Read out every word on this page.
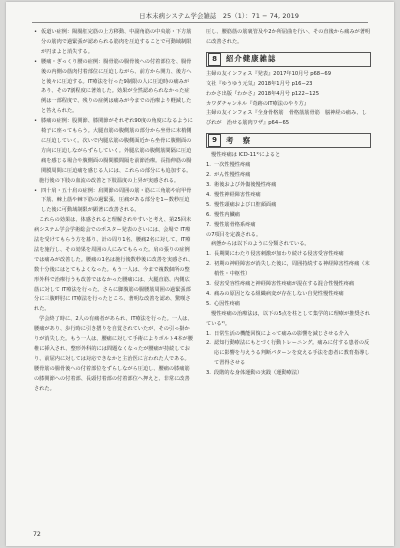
日本未病システム学会雑誌　25（1）：71 − 74, 2019
• 仮道い症例：陽腸肛完筋の上方移動、中副角筋の中央筋・下方筋分の筋肉で過緊張が認められる筋肉を圧迫することで可動域制限が円まよと消失する。
• 腰痛・ぎっくり腰の症例：腸骨筋の腸骨後への付着部位を、腸骨後の内側の筋肉付着部位に圧迫しながら、前方から開力、後方へと後々に圧迫する。IT療法を行った9制限の人に圧迫時の痛みがあり、その7割程度に著効した。効果が全然認められなかった症例は一部程度で、残りの症例は痛みが今までの治療より軽減したと答えられた。
• 膝痛の症例：股関節、膝関節がそれぞれ90度の角度になるように椅子に座ってもらう。大腿直筋の腹側筋の部分から坐骨に末梢側に圧迫していく。次いで内腿広筋の腹側面近から坐骨に腹側面の方向に圧迫しながらずらしていく。外腿広筋の腹側筋間隔に圧迫痛を感じる場合や腹側面の腸間膜間隔を前節治療。長指伸筋の腸関膜周間に圧迫痛を感じる人には、これらの部分にも追加する。

施行後の下肢の血流の改善と下肢温度の上昇が実感される。

• 四十肩・五十肩の症例：肩関節の周囲の筋・筋に三角筋や肩甲骨下筋、棘上筋や棘下筋の過緊張、圧痛がある部分を1ー数秒圧迫した後に可動域制限が顕著に改善される。

これらの効果は、体感されると理解されやすいと考え、第25回未病システム学会学術総会でのポスター発表のさいには、会場で IT療法を受けてもらう方を募り、計の周り1名、腰痛2名に対して、IT療法を施行し、その効果を周囲の人にみてもらった。肩の張りの症例では痛みが改善した。腰痛の1名は施行後数秒後に改善を実感され、数十分後にはとてもよくなった。もう一人は、今まで複数個所の整形外科で治療行うも改善ではなかった腰痛には、大腿直筋、内側広筋に対して IT療法を行った。さらに脚腹筋の腸腰筋周囲の過緊張部分に三腹畔肘に IT療法を行ったところ、著明な改善を認め、驚嘆された。

学会終了時に、2人の有痛者があられ、IT療法を行った。一人は、腰痛があり、歩行時に引き摺りを自覚されていたが、その引っ掛かりが消失した。もう一人は、腰痛に対して手術によりボルト4本が腰椎に挿入され、整形外科的には問題なくなったが腰痛が持続しており、前屈内に対しては対応できなかと主治医に言われた人である。腰骨筋の腸骨後への付着部位をずらしながら圧迫し、腰痛の膝痛筋の膝関節への付着部、長頭付着部の付着部位へ押えと、非常に改善された。

圧し、腰筋筋の筋裏管及や2か所屈曲を行い、その直後から痛みが著明に改善された。

8	紹介健康雑誌

主婦の友インフォス『発表』2017年10月号 p68−69

文社『ゆうゆう元気』2018年1月号 p16−23

わかさ出版『わかさ』2018年4月号 p122−125

カワダチャンネル『奇跡のIT療法のやり方』

主婦の友インフォス『全身骨格筋　骨格筋筋骨筋　脳神経の痛み、しびれが　治せる筋肉ワザ』p64−65

9	考　察

慢性疼痛は ICD-11¹⁾によると

1. 一次性慢性疼痛
2. がん性慢性疼痛
3. 術後および外傷後慢性疼痛
4. 慢性神経障害性疼痛
5. 慢性頭痛および口腔顔面痛
6. 慢性内臓痛
7. 慢性筋骨格系疼痛

の7項目を定義される。

病態からは以下のように分類されている。

1. 長期間にわたり侵害刺激が加わり続ける侵害受容性疼痛
2. 初期の神経障害が消失した後に，周囲持続する神経障害性疼痛（末梢性・中枢性）
3. 侵害受容性疼痛と神経障害性疼痛が混在する混合性慢性疼痛
4. 痛みの原因となる組織病変が存在しない自発性慢性疼痛
5. 心因性疼痛

慢性疼痛の治療法は，以下の5点を柱として集学的に理療が推奨されている²⁾。

1. 日常生活の機能回復によって痛みの影響を減じさせる介入
2. 認知行動療法にもとづく行動トレーニング。痛みに付する患者の反応に影響を与えうる判断パターンを変える手法を患者に教育指導して習得させる
3. 段階的な身体運動の実践（運動療法）
72
